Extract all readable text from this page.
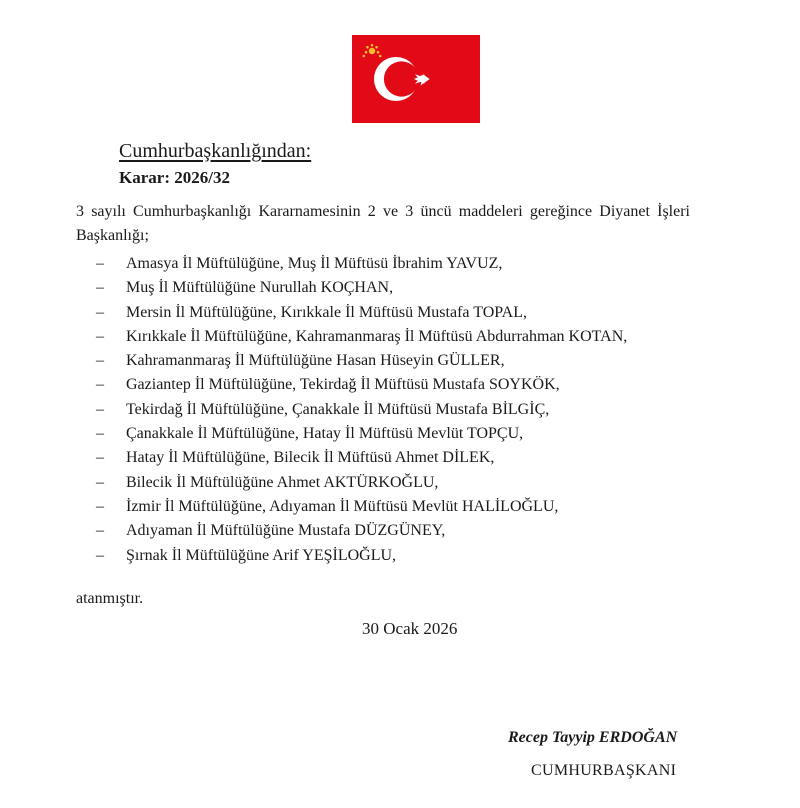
Cumhurbaşkanlığından:
Karar: 2026/32
3 sayılı Cumhurbaşkanlığı Kararnamesinin 2 ve 3 üncü maddeleri gereğince Diyanet İşleri
Başkanlığı;
– Amasya İl Müftülüğüne, Muş İl Müftüsü İbrahim YAVUZ,
– Muş İl Müftülüğüne Nurullah KOÇHAN,
– Mersin İl Müftülüğüne, Kırıkkale İl Müftüsü Mustafa TOPAL,
– Kırıkkale İl Müftülüğüne, Kahramanmaraş İl Müftüsü Abdurrahman KOTAN,
– Kahramanmaraş İl Müftülüğüne Hasan Hüseyin GÜLLER,
– Gaziantep İl Müftülüğüne, Tekirdağ İl Müftüsü Mustafa SOYKÖK,
– Tekirdağ İl Müftülüğüne, Çanakkale İl Müftüsü Mustafa BİLGİÇ,
– Çanakkale İl Müftülüğüne, Hatay İl Müftüsü Mevlüt TOPÇU,
– Hatay İl Müftülüğüne, Bilecik İl Müftüsü Ahmet DİLEK,
– Bilecik İl Müftülüğüne Ahmet AKTÜRKOĞLU,
– İzmir İl Müftülüğüne, Adıyaman İl Müftüsü Mevlüt HALİLOĞLU,
– Adıyaman İl Müftülüğüne Mustafa DÜZGÜNEY,
– Şırnak İl Müftülüğüne Arif YEŞİLOĞLU,
atanmıştır.
30 Ocak 2026
Recep Tayyip ERDOĞAN
CUMHURBAŞKANI
